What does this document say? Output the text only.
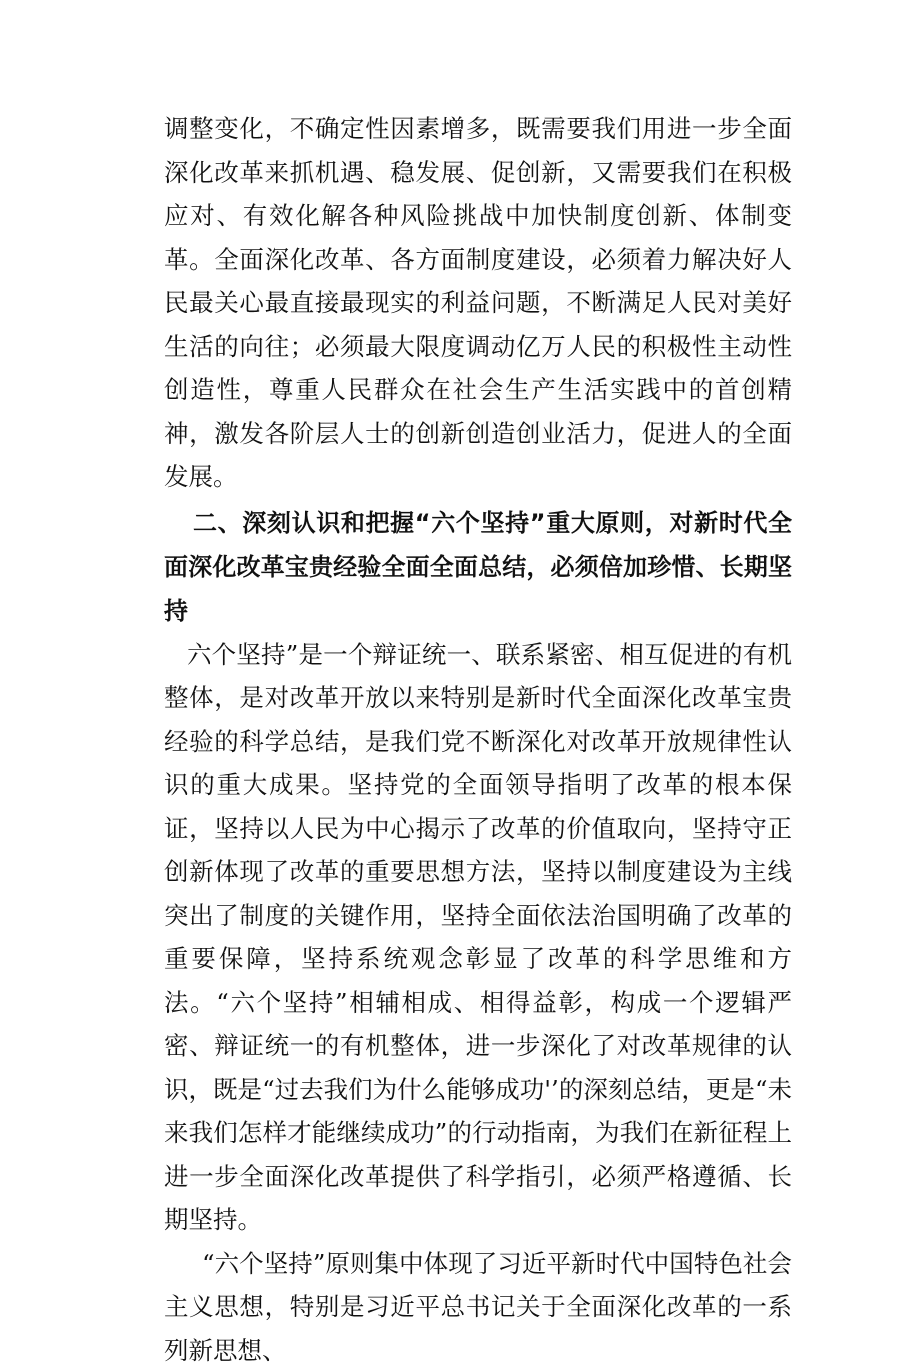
调整变化，不确定性因素增多，既需要我们用进一步全面深化改革来抓机遇、稳发展、促创新，又需要我们在积极应对、有效化解各种风险挑战中加快制度创新、体制变革。全面深化改革、各方面制度建设，必须着力解决好人民最关心最直接最现实的利益问题，不断满足人民对美好生活的向往；必须最大限度调动亿万人民的积极性主动性创造性，尊重人民群众在社会生产生活实践中的首创精神，激发各阶层人士的创新创造创业活力，促进人的全面发展。

二、深刻认识和把握“六个坚持”重大原则，对新时代全面深化改革宝贵经验全面全面总结，必须倍加珍惜、长期坚持

六个坚持”是一个辩证统一、联系紧密、相互促进的有机整体，是对改革开放以来特别是新时代全面深化改革宝贵经验的科学总结，是我们党不断深化对改革开放规律性认识的重大成果。坚持党的全面领导指明了改革的根本保证，坚持以人民为中心揭示了改革的价值取向，坚持守正创新体现了改革的重要思想方法，坚持以制度建设为主线突出了制度的关键作用，坚持全面依法治国明确了改革的重要保障，坚持系统观念彰显了改革的科学思维和方法。“六个坚持”相辅相成、相得益彰，构成一个逻辑严密、辩证统一的有机整体，进一步深化了对改革规律的认识，既是“过去我们为什么能够成功'’的深刻总结，更是“未来我们怎样才能继续成功”的行动指南，为我们在新征程上进一步全面深化改革提供了科学指引，必须严格遵循、长期坚持。

“六个坚持”原则集中体现了习近平新时代中国特色社会主义思想，特别是习近平总书记关于全面深化改革的一系列新思想、
